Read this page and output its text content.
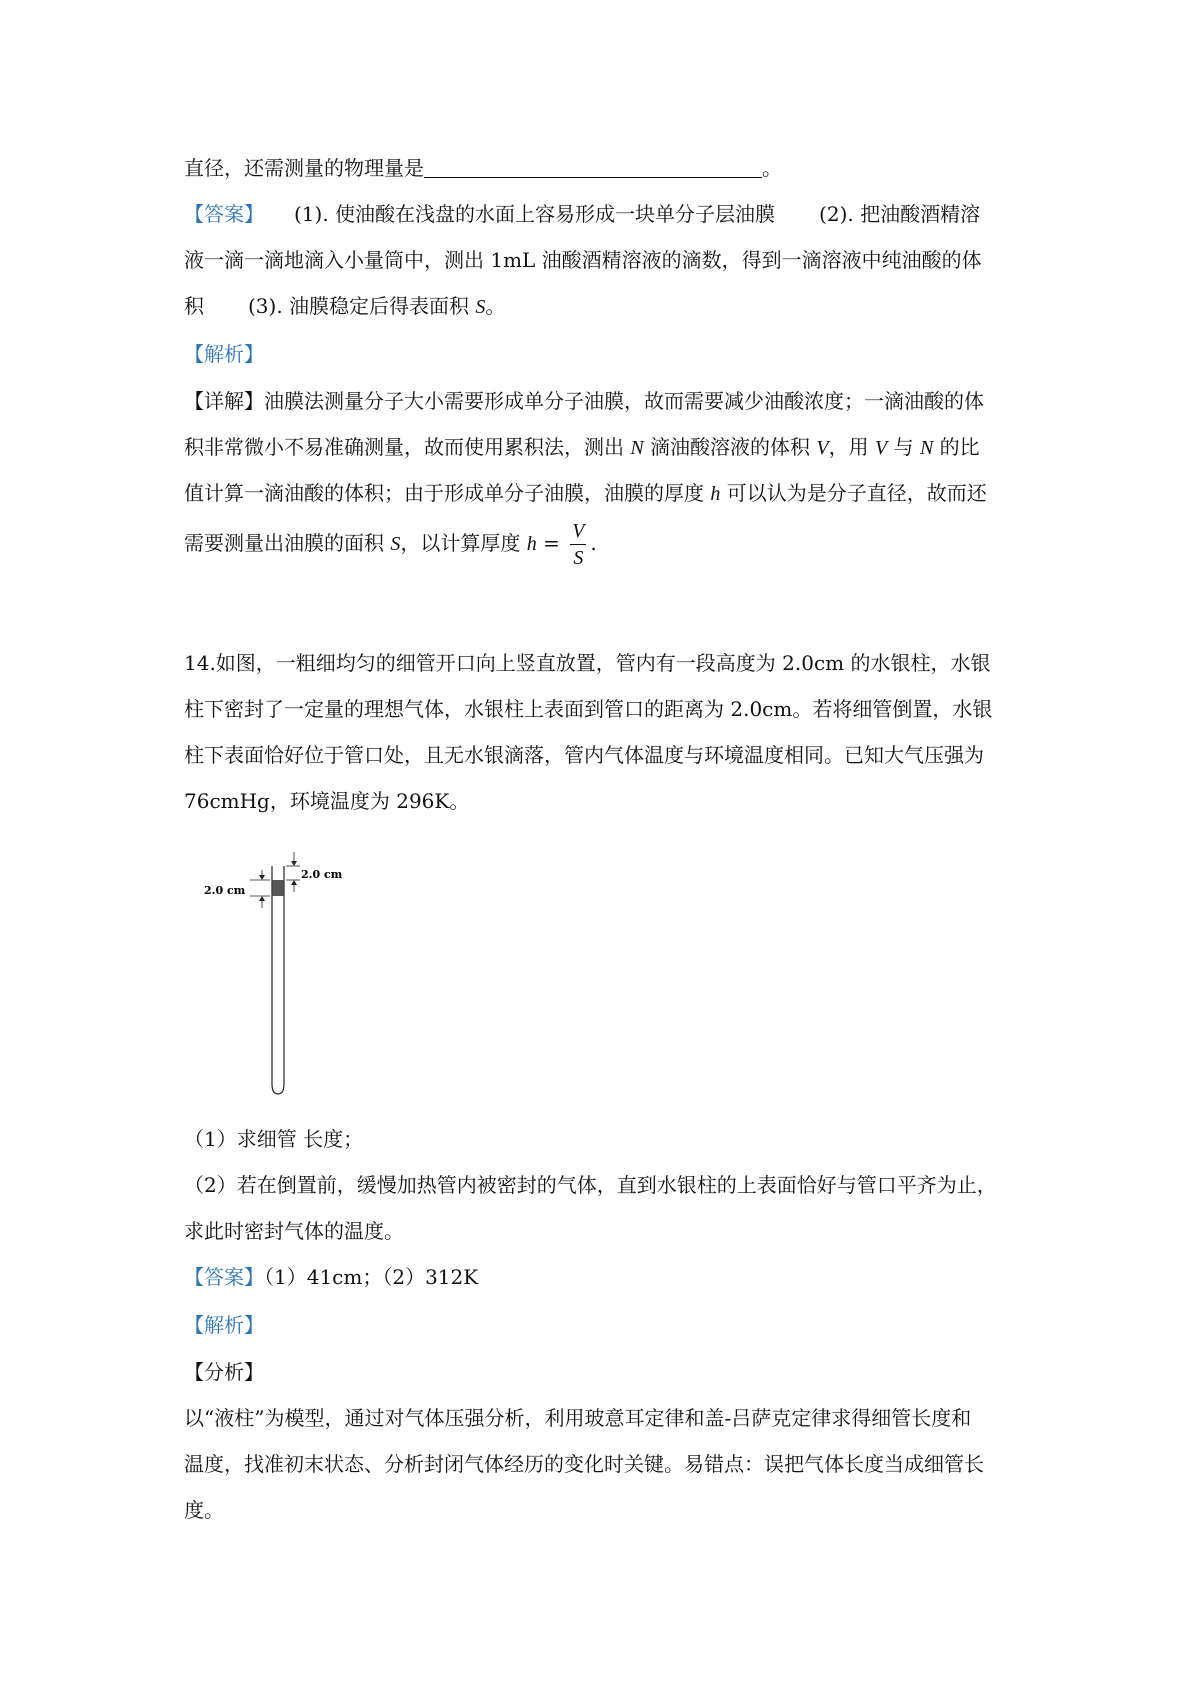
直径，还需测量的物理量是	。
【答案】 (1). 使油酸在浅盘的水面上容易形成一块单分子层油膜 (2). 把油酸酒精溶
液一滴一滴地滴入小量筒中，测出 1mL 油酸酒精溶液的滴数，得到一滴溶液中纯油酸的体
积 (3). 油膜稳定后得表面积 S。
【解析】
【详解】油膜法测量分子大小需要形成单分子油膜，故而需要减少油酸浓度；一滴油酸的体
积非常微小不易准确测量，故而使用累积法，测出 N 滴油酸溶液的体积 V，用 V 与 N 的比
值计算一滴油酸的体积；由于形成单分子油膜，油膜的厚度 h 可以认为是分子直径，故而还
需要测量出油膜的面积 S，以计算厚度 $h = \frac{V}{S}$ .
14.如图，一粗细均匀的细管开口向上竖直放置，管内有一段高度为 2.0cm 的水银柱，水银
柱下密封了一定量的理想气体，水银柱上表面到管口的距离为 2.0cm。若将细管倒置，水银
柱下表面恰好位于管口处，且无水银滴落，管内气体温度与环境温度相同。已知大气压强为
76cmHg，环境温度为 296K。
2.0 cm
2.0 cm
（1）求细管 长度；
（2）若在倒置前，缓慢加热管内被密封的气体，直到水银柱的上表面恰好与管口平齐为止，
求此时密封气体的温度。
【答案】（1）41cm；（2）312K
【解析】
【分析】
以“液柱”为模型，通过对气体压强分析，利用玻意耳定律和盖-吕萨克定律求得细管长度和
温度，找准初末状态、分析封闭气体经历的变化时关键。易错点：误把气体长度当成细管长
度。
